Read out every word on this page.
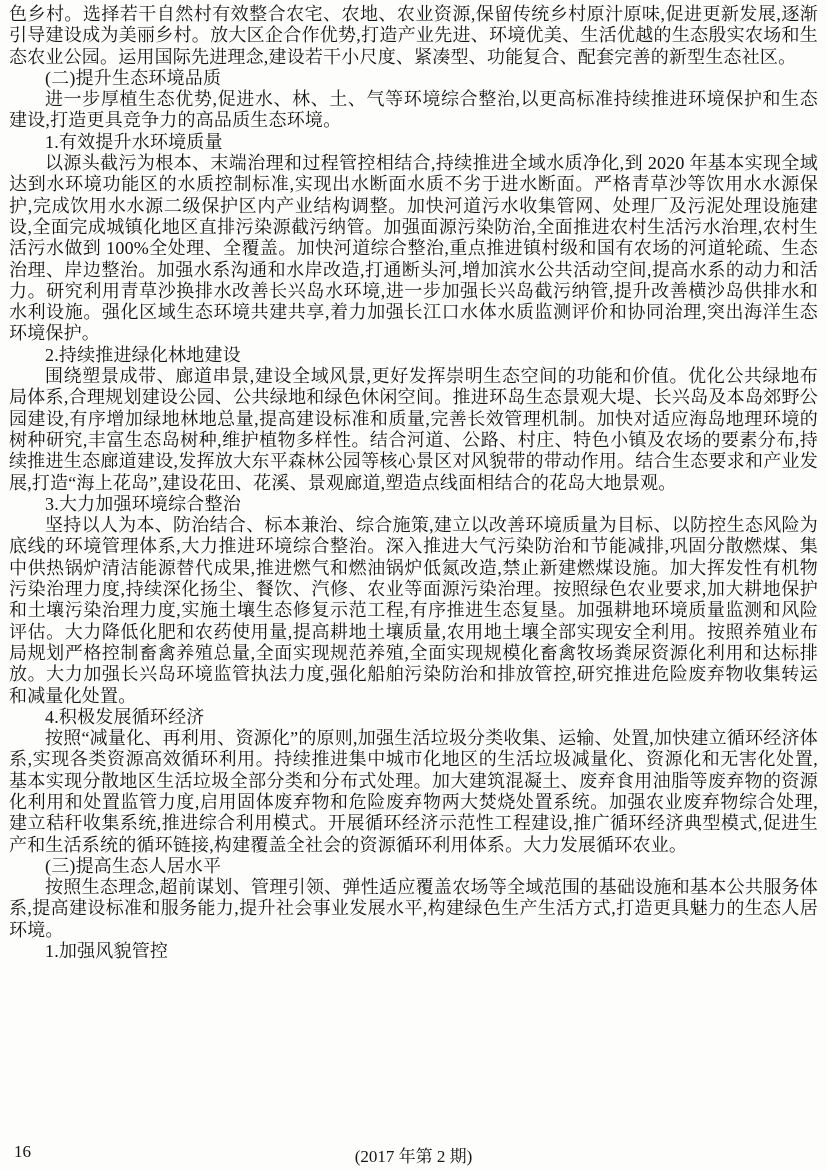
色乡村。选择若干自然村有效整合农宅、农地、农业资源,保留传统乡村原汁原味,促进更新发展,逐渐引导建设成为美丽乡村。放大区企合作优势,打造产业先进、环境优美、生活优越的生态殷实农场和生态农业公园。运用国际先进理念,建设若干小尺度、紧凑型、功能复合、配套完善的新型生态社区。

(二)提升生态环境品质

进一步厚植生态优势,促进水、林、土、气等环境综合整治,以更高标准持续推进环境保护和生态建设,打造更具竞争力的高品质生态环境。

1.有效提升水环境质量

以源头截污为根本、末端治理和过程管控相结合,持续推进全域水质净化,到 2020 年基本实现全域达到水环境功能区的水质控制标准,实现出水断面水质不劣于进水断面。严格青草沙等饮用水水源保护,完成饮用水水源二级保护区内产业结构调整。加快河道污水收集管网、处理厂及污泥处理设施建设,全面完成城镇化地区直排污染源截污纳管。加强面源污染防治,全面推进农村生活污水治理,农村生活污水做到 100%全处理、全覆盖。加快河道综合整治,重点推进镇村级和国有农场的河道轮疏、生态治理、岸边整治。加强水系沟通和水岸改造,打通断头河,增加滨水公共活动空间,提高水系的动力和活力。研究利用青草沙换排水改善长兴岛水环境,进一步加强长兴岛截污纳管,提升改善横沙岛供排水和水利设施。强化区域生态环境共建共享,着力加强长江口水体水质监测评价和协同治理,突出海洋生态环境保护。

2.持续推进绿化林地建设

围绕塑景成带、廊道串景,建设全域风景,更好发挥崇明生态空间的功能和价值。优化公共绿地布局体系,合理规划建设公园、公共绿地和绿色休闲空间。推进环岛生态景观大堤、长兴岛及本岛郊野公园建设,有序增加绿地林地总量,提高建设标准和质量,完善长效管理机制。加快对适应海岛地理环境的树种研究,丰富生态岛树种,维护植物多样性。结合河道、公路、村庄、特色小镇及农场的要素分布,持续推进生态廊道建设,发挥放大东平森林公园等核心景区对风貌带的带动作用。结合生态要求和产业发展,打造“海上花岛”,建设花田、花溪、景观廊道,塑造点线面相结合的花岛大地景观。

3.大力加强环境综合整治

坚持以人为本、防治结合、标本兼治、综合施策,建立以改善环境质量为目标、以防控生态风险为底线的环境管理体系,大力推进环境综合整治。深入推进大气污染防治和节能减排,巩固分散燃煤、集中供热锅炉清洁能源替代成果,推进燃气和燃油锅炉低氮改造,禁止新建燃煤设施。加大挥发性有机物污染治理力度,持续深化扬尘、餐饮、汽修、农业等面源污染治理。按照绿色农业要求,加大耕地保护和土壤污染治理力度,实施土壤生态修复示范工程,有序推进生态复垦。加强耕地环境质量监测和风险评估。大力降低化肥和农药使用量,提高耕地土壤质量,农用地土壤全部实现安全利用。按照养殖业布局规划严格控制畜禽养殖总量,全面实现规范养殖,全面实现规模化畜禽牧场粪尿资源化利用和达标排放。大力加强长兴岛环境监管执法力度,强化船舶污染防治和排放管控,研究推进危险废弃物收集转运和减量化处置。

4.积极发展循环经济

按照“减量化、再利用、资源化”的原则,加强生活垃圾分类收集、运输、处置,加快建立循环经济体系,实现各类资源高效循环利用。持续推进集中城市化地区的生活垃圾减量化、资源化和无害化处置,基本实现分散地区生活垃圾全部分类和分布式处理。加大建筑混凝土、废弃食用油脂等废弃物的资源化利用和处置监管力度,启用固体废弃物和危险废弃物两大焚烧处置系统。加强农业废弃物综合处理,建立秸秆收集系统,推进综合利用模式。开展循环经济示范性工程建设,推广循环经济典型模式,促进生产和生活系统的循环链接,构建覆盖全社会的资源循环利用体系。大力发展循环农业。

(三)提高生态人居水平

按照生态理念,超前谋划、管理引领、弹性适应覆盖农场等全域范围的基础设施和基本公共服务体系,提高建设标准和服务能力,提升社会事业发展水平,构建绿色生产生活方式,打造更具魅力的生态人居环境。

1.加强风貌管控

16	(2017 年第 2 期)
